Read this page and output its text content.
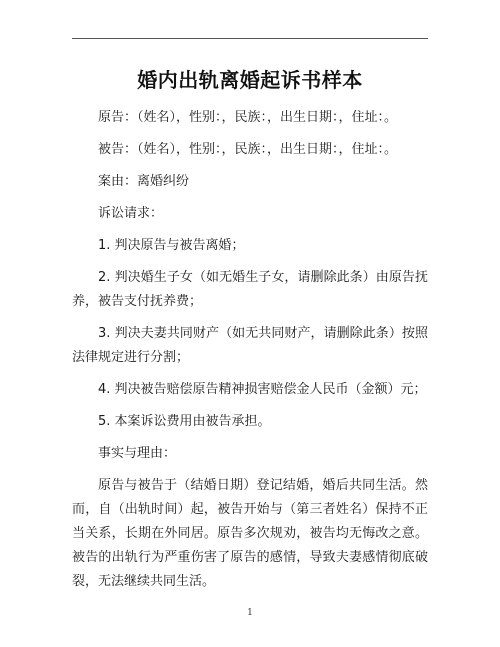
婚内出轨离婚起诉书样本

原告：（姓名），性别：，民族：，出生日期：，住址：。

被告：（姓名），性别：，民族：，出生日期：，住址：。

案由：离婚纠纷

诉讼请求：

1. 判决原告与被告离婚；

2. 判决婚生子女（如无婚生子女，请删除此条）由原告抚养，被告支付抚养费；

3. 判决夫妻共同财产（如无共同财产，请删除此条）按照法律规定进行分割；

4. 判决被告赔偿原告精神损害赔偿金人民币（金额）元；

5. 本案诉讼费用由被告承担。

事实与理由：

原告与被告于（结婚日期）登记结婚，婚后共同生活。然而，自（出轨时间）起，被告开始与（第三者姓名）保持不正当关系，长期在外同居。原告多次规劝，被告均无悔改之意。被告的出轨行为严重伤害了原告的感情，导致夫妻感情彻底破裂，无法继续共同生活。

1
